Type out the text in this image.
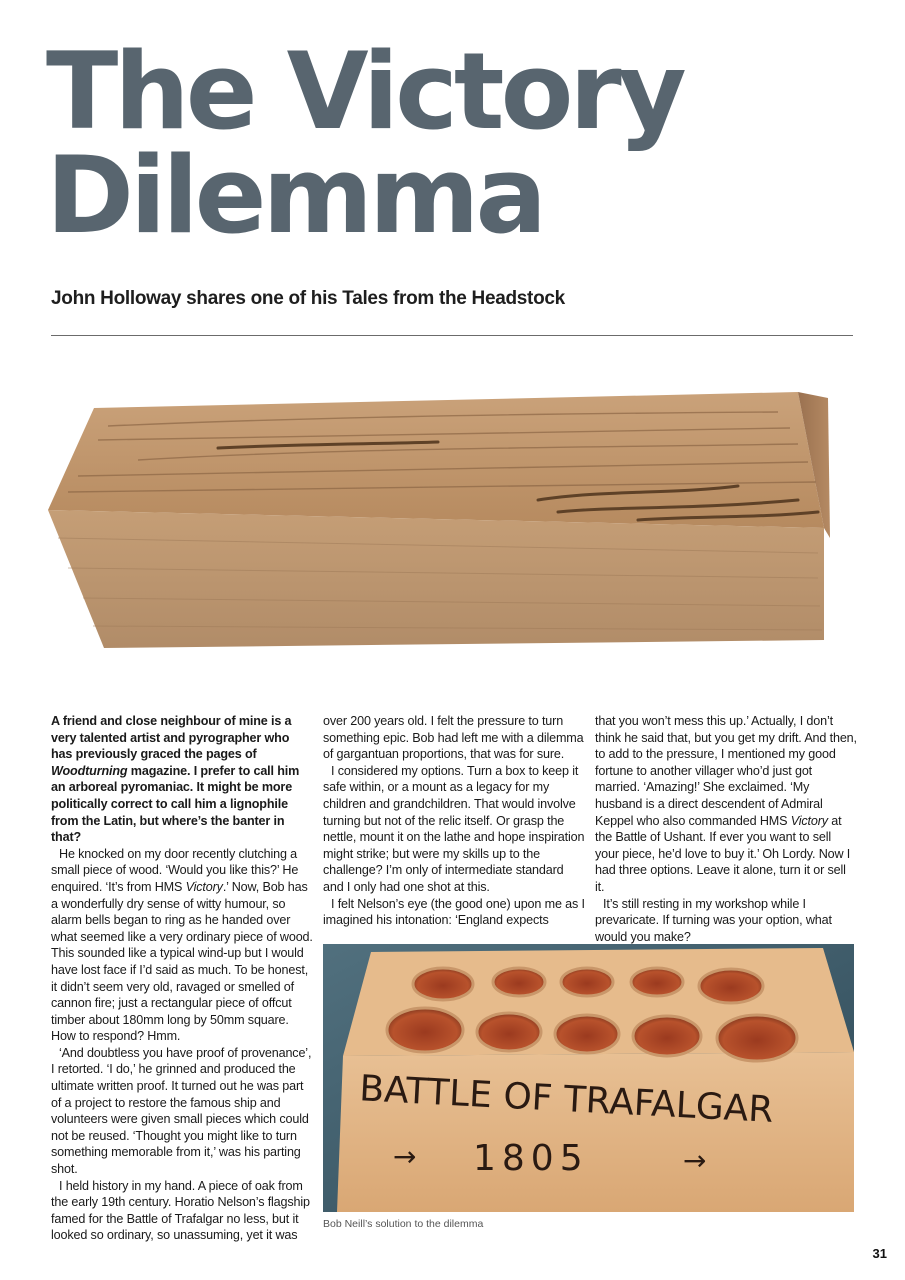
The Victory
Dilemma
John Holloway shares one of his Tales from the Headstock

A friend and close neighbour of mine is a very talented artist and pyrographer who has previously graced the pages of Woodturning magazine. I prefer to call him an arboreal pyromaniac. It might be more politically correct to call him a lignophile from the Latin, but where’s the banter in that?

He knocked on my door recently clutching a small piece of wood. ‘Would you like this?’ He enquired. ‘It’s from HMS Victory.’ Now, Bob has a wonderfully dry sense of witty humour, so alarm bells began to ring as he handed over what seemed like a very ordinary piece of wood. This sounded like a typical wind-up but I would have lost face if I’d said as much. To be honest, it didn’t seem very old, ravaged or smelled of cannon fire; just a rectangular piece of offcut timber about 180mm long by 50mm square. How to respond? Hmm.

‘And doubtless you have proof of provenance’, I retorted. ‘I do,’ he grinned and produced the ultimate written proof. It turned out he was part of a project to restore the famous ship and volunteers were given small pieces which could not be reused. ‘Thought you might like to turn something memorable from it,’ was his parting shot.

I held history in my hand. A piece of oak from the early 19th century. Horatio Nelson’s flagship famed for the Battle of Trafalgar no less, but it looked so ordinary, so unassuming, yet it was

over 200 years old. I felt the pressure to turn something epic. Bob had left me with a dilemma of gargantuan proportions, that was for sure.

I considered my options. Turn a box to keep it safe within, or a mount as a legacy for my children and grandchildren. That would involve turning but not of the relic itself. Or grasp the nettle, mount it on the lathe and hope inspiration might strike; but were my skills up to the challenge? I’m only of intermediate standard and I only had one shot at this.

I felt Nelson’s eye (the good one) upon me as I imagined his intonation: ‘England expects

that you won’t mess this up.’ Actually, I don’t think he said that, but you get my drift. And then, to add to the pressure, I mentioned my good fortune to another villager who’d just got married. ‘Amazing!’ She exclaimed. ‘My husband is a direct descendent of Admiral Keppel who also commanded HMS Victory at the Battle of Ushant. If ever you want to sell your piece, he’d love to buy it.’ Oh Lordy. Now I had three options. Leave it alone, turn it or sell it.

It’s still resting in my workshop while I prevaricate. If turning was your option, what would you make?

BATTLE OF TRAFALGAR
→ 1805	→
Bob Neill’s solution to the dilemma
31
